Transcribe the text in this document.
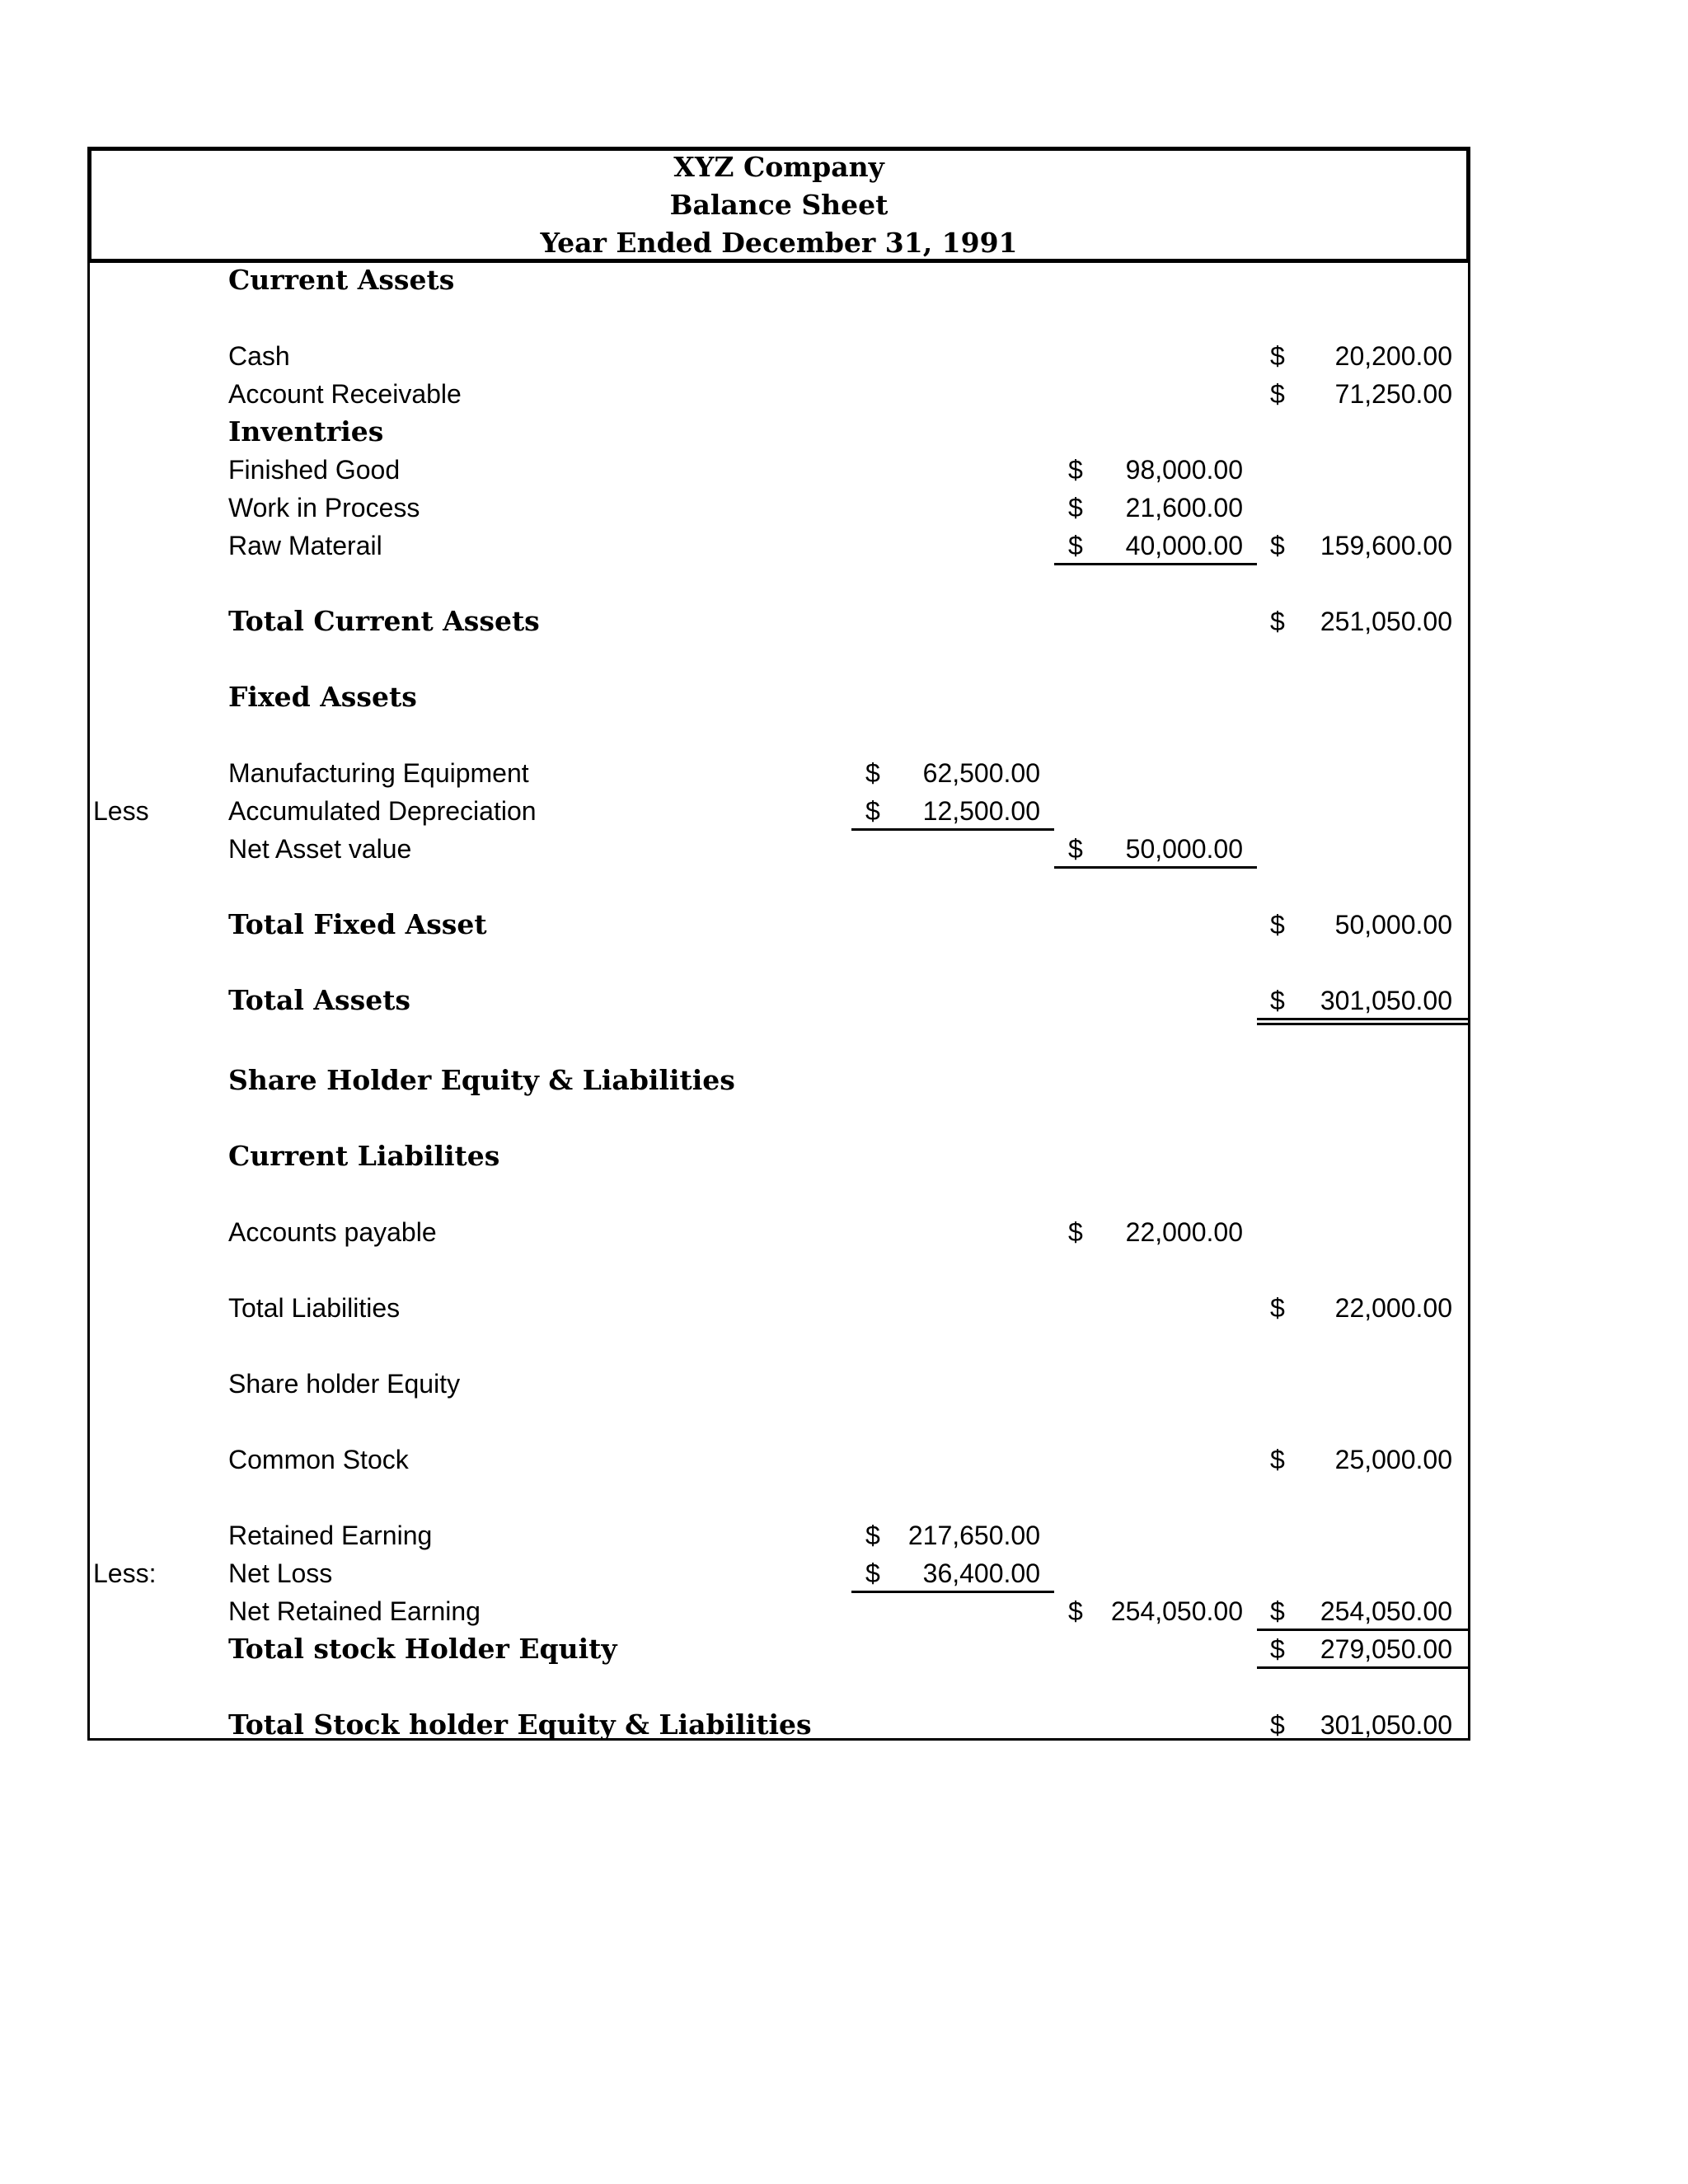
XYZ Company
Balance Sheet
Year Ended December 31, 1991
Current Assets
Cash	$	20,200.00
Account Receivable	$	71,250.00
Inventries
Finished Good	$	98,000.00
Work in Process	$	21,600.00
Raw Materail	$	40,000.00 $	159,600.00
Total Current Assets	$	251,050.00
Fixed Assets
Manufacturing Equipment	$	62,500.00
Less	Accumulated Depreciation	$	12,500.00
Net Asset value	$	50,000.00
Total Fixed Asset	$	50,000.00
Total Assets	$	301,050.00
Share Holder Equity & Liabilities
Current Liabilites
Accounts payable	$	22,000.00
Total Liabilities	$	22,000.00
Share holder Equity
Common Stock	$	25,000.00
Retained Earning	$	217,650.00
Less:	Net Loss	$	36,400.00
Net Retained Earning	$	254,050.00 $	254,050.00
Total stock Holder Equity	$	279,050.00
Total Stock holder Equity & Liabilities	$	301,050.00
